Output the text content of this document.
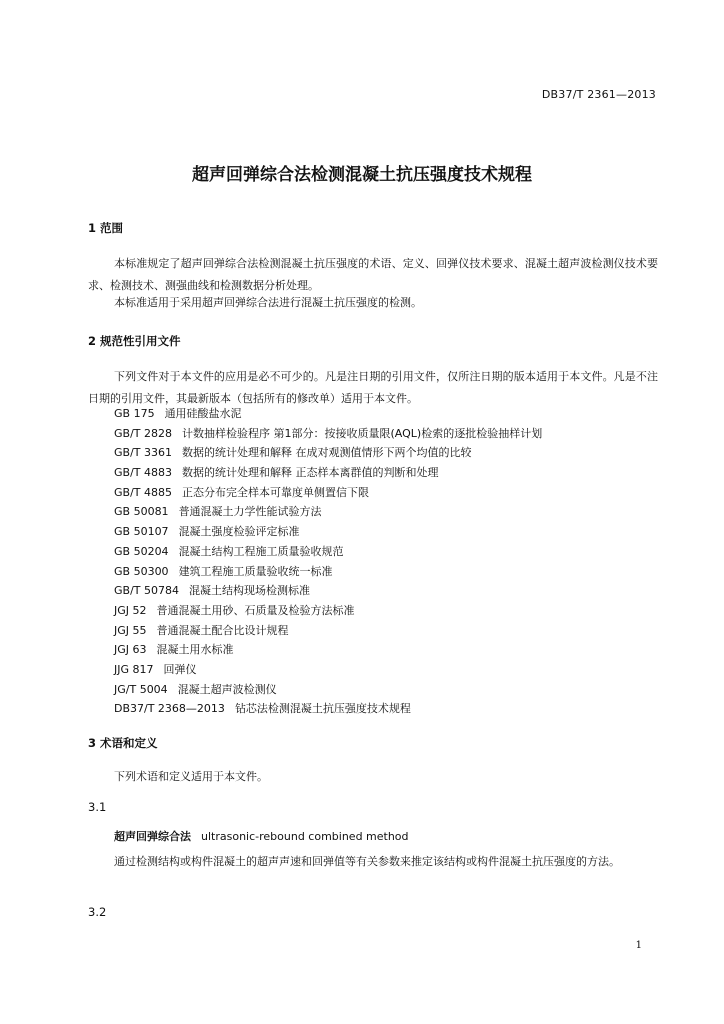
DB37/T 2361—2013
超声回弹综合法检测混凝土抗压强度技术规程
1 范围
本标准规定了超声回弹综合法检测混凝土抗压强度的术语、定义、回弹仪技术要求、混凝土超声波检测仪技术要求、检测技术、测强曲线和检测数据分析处理。
本标准适用于采用超声回弹综合法进行混凝土抗压强度的检测。
2 规范性引用文件
下列文件对于本文件的应用是必不可少的。凡是注日期的引用文件，仅所注日期的版本适用于本文件。凡是不注日期的引用文件，其最新版本（包括所有的修改单）适用于本文件。
GB 175 通用硅酸盐水泥
GB/T 2828 计数抽样检验程序 第1部分：按接收质量限(AQL)检索的逐批检验抽样计划
GB/T 3361 数据的统计处理和解释 在成对观测值情形下两个均值的比较
GB/T 4883 数据的统计处理和解释 正态样本离群值的判断和处理
GB/T 4885 正态分布完全样本可靠度单侧置信下限
GB 50081 普通混凝土力学性能试验方法
GB 50107 混凝土强度检验评定标准
GB 50204 混凝土结构工程施工质量验收规范
GB 50300 建筑工程施工质量验收统一标准
GB/T 50784 混凝土结构现场检测标准
JGJ 52 普通混凝土用砂、石质量及检验方法标准
JGJ 55 普通混凝土配合比设计规程
JGJ 63 混凝土用水标准
JJG 817 回弹仪
JG/T 5004 混凝土超声波检测仪
DB37/T 2368—2013 钻芯法检测混凝土抗压强度技术规程
3 术语和定义
下列术语和定义适用于本文件。
3.1
超声回弹综合法 ultrasonic-rebound combined method
通过检测结构或构件混凝土的超声声速和回弹值等有关参数来推定该结构或构件混凝土抗压强度的方法。
3.2
1
